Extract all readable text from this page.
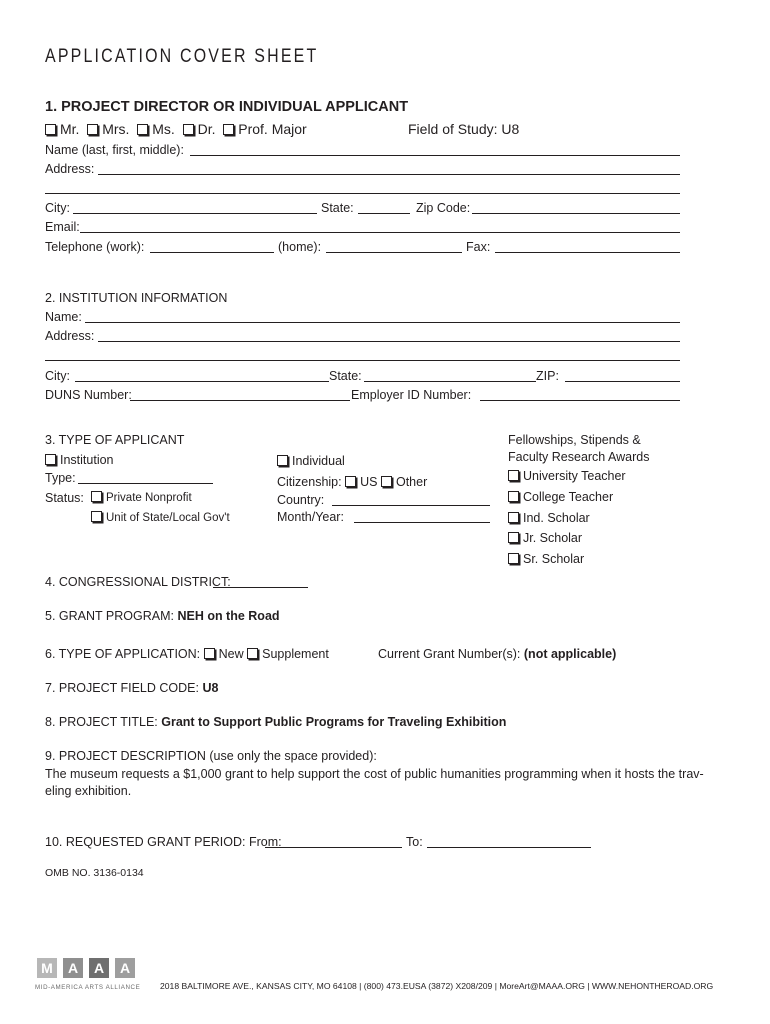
APPLICATION COVER SHEET
1. PROJECT DIRECTOR OR INDIVIDUAL APPLICANT
Mr. Mrs. Ms. Dr. Prof. Major	Field of Study: U8
Name (last, first, middle):
Address:
City:	State:	Zip Code:
Email:
Telephone (work):	(home):	Fax:
2. INSTITUTION INFORMATION
Name:
Address:
City:	State:	ZIP:
DUNS Number:	Employer ID Number:
3. TYPE OF APPLICANT
Institution
Type:
Status:	Private Nonprofit
Unit of State/Local Gov't
Individual
Citizenship: US Other
Country:
Month/Year:
Fellowships, Stipends &
Faculty Research Awards
University Teacher
College Teacher
Ind. Scholar
Jr. Scholar
Sr. Scholar
4. CONGRESSIONAL DISTRICT:
5. GRANT PROGRAM: NEH on the Road
6. TYPE OF APPLICATION: New Supplement	Current Grant Number(s): (not applicable)
7. PROJECT FIELD CODE: U8
8. PROJECT TITLE: Grant to Support Public Programs for Traveling Exhibition
9. PROJECT DESCRIPTION (use only the space provided):
The museum requests a $1,000 grant to help support the cost of public humanities programming when it hosts the trav-
eling exhibition.
10. REQUESTED GRANT PERIOD: From:	To:
OMB NO. 3136-0134
M	A	A	A
MID-AMERICA ARTS ALLIANCE 2018 BALTIMORE AVE., KANSAS CITY, MO 64108 | (800) 473.EUSA (3872) X208/209 | MoreArt@MAAA.ORG | WWW.NEHONTHEROAD.ORG
